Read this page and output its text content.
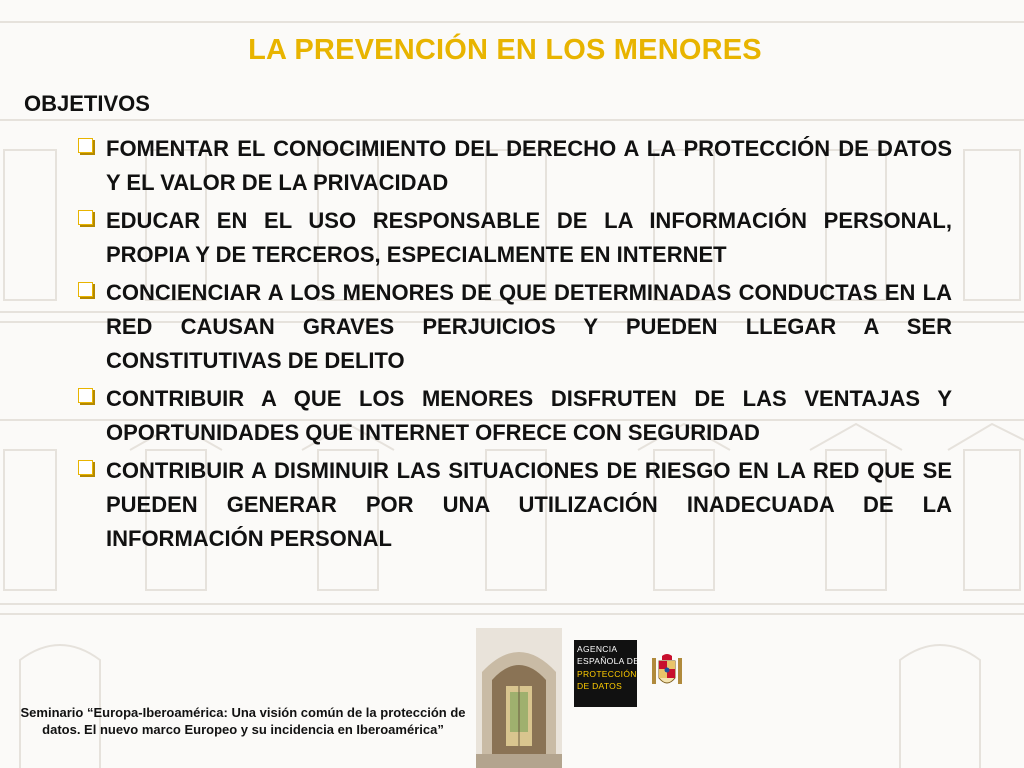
LA PREVENCIÓN EN LOS MENORES
OBJETIVOS
FOMENTAR EL CONOCIMIENTO DEL DERECHO A LA PROTECCIÓN DE DATOS Y EL VALOR DE LA PRIVACIDAD
EDUCAR EN EL USO RESPONSABLE DE LA INFORMACIÓN PERSONAL, PROPIA Y DE TERCEROS, ESPECIALMENTE EN INTERNET
CONCIENCIAR A LOS MENORES DE QUE DETERMINADAS CONDUCTAS EN LA RED CAUSAN GRAVES PERJUICIOS Y PUEDEN LLEGAR A SER CONSTITUTIVAS DE DELITO
CONTRIBUIR A QUE LOS MENORES DISFRUTEN DE LAS VENTAJAS Y OPORTUNIDADES QUE INTERNET OFRECE CON SEGURIDAD
CONTRIBUIR A DISMINUIR LAS SITUACIONES DE RIESGO EN LA RED QUE SE PUEDEN GENERAR POR UNA UTILIZACIÓN INADECUADA DE LA INFORMACIÓN PERSONAL
AGENCIA
ESPAÑOLA DE
PROTECCIÓN
DE DATOS
Seminario “Europa-Iberoamérica: Una visión común de la protección de datos. El nuevo marco Europeo y su incidencia en Iberoamérica”
